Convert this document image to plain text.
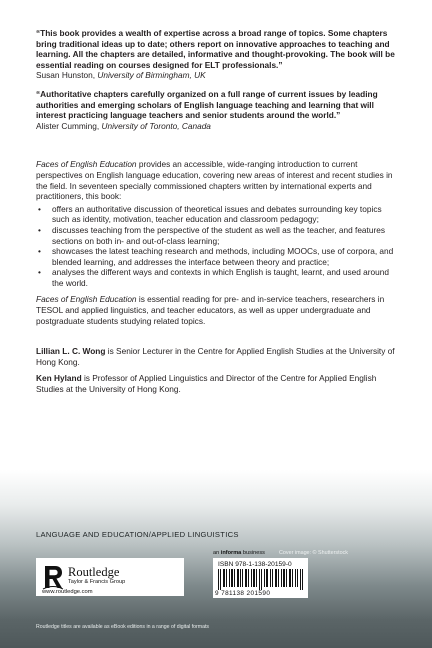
“This book provides a wealth of expertise across a broad range of topics. Some chapters bring traditional ideas up to date; others report on innovative approaches to teaching and learning. All the chapters are detailed, informative and thought-provoking. The book will be essential reading on courses designed for ELT professionals.”

Susan Hunston, University of Birmingham, UK

“Authoritative chapters carefully organized on a full range of current issues by leading authorities and emerging scholars of English language teaching and learning that will interest practicing language teachers and senior students around the world.”

Alister Cumming, University of Toronto, Canada

Faces of English Education provides an accessible, wide-ranging introduction to current perspectives on English language education, covering new areas of interest and recent studies in the field. In seventeen specially commissioned chapters written by international experts and practitioners, this book:

• offers an authoritative discussion of theoretical issues and debates surrounding key topics such as identity, motivation, teacher education and classroom pedagogy;
• discusses teaching from the perspective of the student as well as the teacher, and features sections on both in- and out-of-class learning;
• showcases the latest teaching research and methods, including MOOCs, use of corpora, and blended learning, and addresses the interface between theory and practice;
• analyses the different ways and contexts in which English is taught, learnt, and used around the world.

Faces of English Education is essential reading for pre- and in-service teachers, researchers in TESOL and applied linguistics, and teacher educators, as well as upper undergraduate and postgraduate students studying related topics.

Lillian L. C. Wong is Senior Lecturer in the Centre for Applied English Studies at the University of Hong Kong.

Ken Hyland is Professor of Applied Linguistics and Director of the Centre for Applied English Studies at the University of Hong Kong.

LANGUAGE AND EDUCATION/APPLIED LINGUISTICS
an informa business	Cover image: © Shutterstock
Routledge
Taylor & Francis Group
www.routledge.com
ISBN 978-1-138-20159-0
9 781138 201590
Routledge titles are available as eBook editions in a range of digital formats
